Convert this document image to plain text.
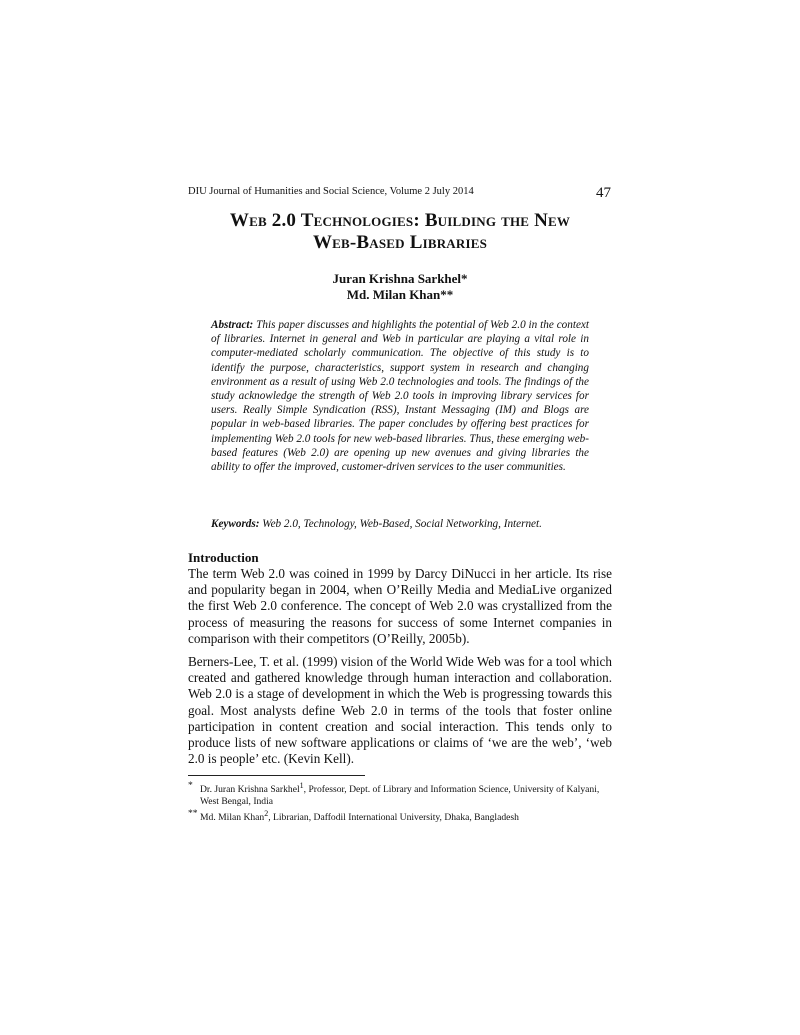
DIU Journal of Humanities and Social Science, Volume 2 July 2014	47
Web 2.0 Technologies: Building the New
Web-Based Libraries
Juran Krishna Sarkhel*
Md. Milan Khan**
Abstract: This paper discusses and highlights the potential of Web 2.0 in the context of libraries. Internet in general and Web in particular are playing a vital role in computer-mediated scholarly communication. The objective of this study is to identify the purpose, characteristics, support system in research and changing environment as a result of using Web 2.0 technologies and tools. The findings of the study acknowledge the strength of Web 2.0 tools in improving library services for users. Really Simple Syndication (RSS), Instant Messaging (IM) and Blogs are popular in web-based libraries. The paper concludes by offering best practices for implementing Web 2.0 tools for new web-based libraries. Thus, these emerging web-based features (Web 2.0) are opening up new avenues and giving libraries the ability to offer the improved, customer-driven services to the user communities.
Keywords: Web 2.0, Technology, Web-Based, Social Networking, Internet.
Introduction
The term Web 2.0 was coined in 1999 by Darcy DiNucci in her article. Its rise and popularity began in 2004, when O’Reilly Media and MediaLive organized the first Web 2.0 conference. The concept of Web 2.0 was crystallized from the process of measuring the reasons for success of some Internet companies in comparison with their competitors (O’Reilly, 2005b).
Berners-Lee, T. et al. (1999) vision of the World Wide Web was for a tool which created and gathered knowledge through human interaction and collaboration. Web 2.0 is a stage of development in which the Web is progressing towards this goal. Most analysts define Web 2.0 in terms of the tools that foster online participation in content creation and social interaction. This tends only to produce lists of new software applications or claims of ‘we are the web’, ‘web 2.0 is people’ etc. (Kevin Kell).
* Dr. Juran Krishna Sarkhel$^1$, Professor, Dept. of Library and Information Science, University of Kalyani,
West Bengal, India
** Md. Milan Khan$^2$, Librarian, Daffodil International University, Dhaka, Bangladesh
